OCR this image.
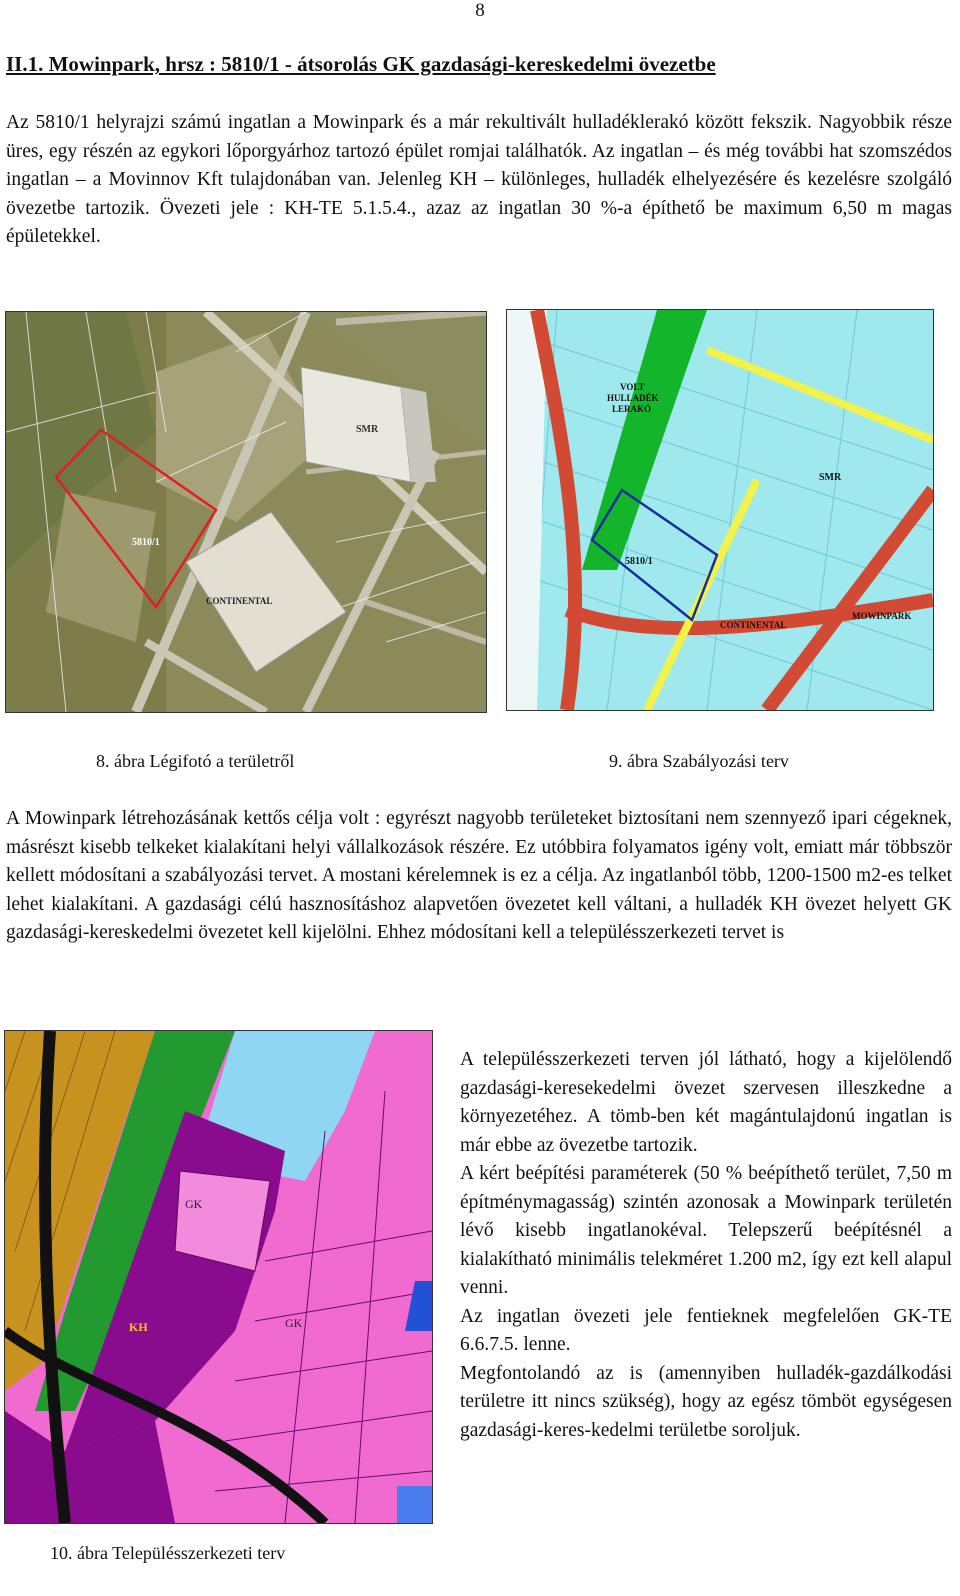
8
II.1. Mowinpark, hrsz : 5810/1 - átsorolás GK gazdasági-kereskedelmi övezetbe
Az 5810/1 helyrajzi számú ingatlan a Mowinpark és a már rekultivált hulladéklerakó között fekszik. Nagyobbik része üres, egy részén az egykori lőporgyárhoz tartozó épület romjai találhatók. Az ingatlan – és még további hat szomszédos ingatlan – a Movinnov Kft tulajdonában van. Jelenleg KH – különleges, hulladék elhelyezésére és kezelésre szolgáló övezetbe tartozik. Övezeti jele : KH-TE 5.1.5.4., azaz az ingatlan 30 %-a építhető be maximum 6,50 m magas épületekkel.
5810/1
SMR
CONTINENTAL
VOLT
HULLADÉK
LERAKÓ
5810/1
SMR
CONTINENTAL
MOWINPARK
8. ábra Légifotó a területről	9. ábra Szabályozási terv
A Mowinpark létrehozásának kettős célja volt : egyrészt nagyobb területeket biztosítani nem szennyező ipari cégeknek, másrészt kisebb telkeket kialakítani helyi vállalkozások részére. Ez utóbbira folyamatos igény volt, emiatt már többször kellett módosítani a szabályozási tervet. A mostani kérelemnek is ez a célja. Az ingatlanból több, 1200-1500 m2-es telket lehet kialakítani. A gazdasági célú hasznosításhoz alapvetően övezetet kell váltani, a hulladék KH övezet helyett GK gazdasági-kereskedelmi övezetet kell kijelölni. Ehhez módosítani kell a településszerkezeti tervet is
GK
GK
KH
10. ábra Településszerkezeti terv
A településszerkezeti terven jól látható, hogy a kijelölendő gazdasági-keresekedelmi övezet szervesen illeszkedne a környezetéhez. A tömb-ben két magántulajdonú ingatlan is már ebbe az övezetbe tartozik.
A kért beépítési paraméterek (50 % beépíthető terület, 7,50 m építménymagasság) szintén azonosak a Mowinpark területén lévő kisebb ingatlanokéval. Telepszerű beépítésnél a kialakítható minimális telekméret 1.200 m2, így ezt kell alapul venni.
Az ingatlan övezeti jele fentieknek megfelelően GK-TE 6.6.7.5. lenne.
Megfontolandó az is (amennyiben hulladék-gazdálkodási területre itt nincs szükség), hogy az egész tömböt egységesen gazdasági-keres-kedelmi területbe soroljuk.
